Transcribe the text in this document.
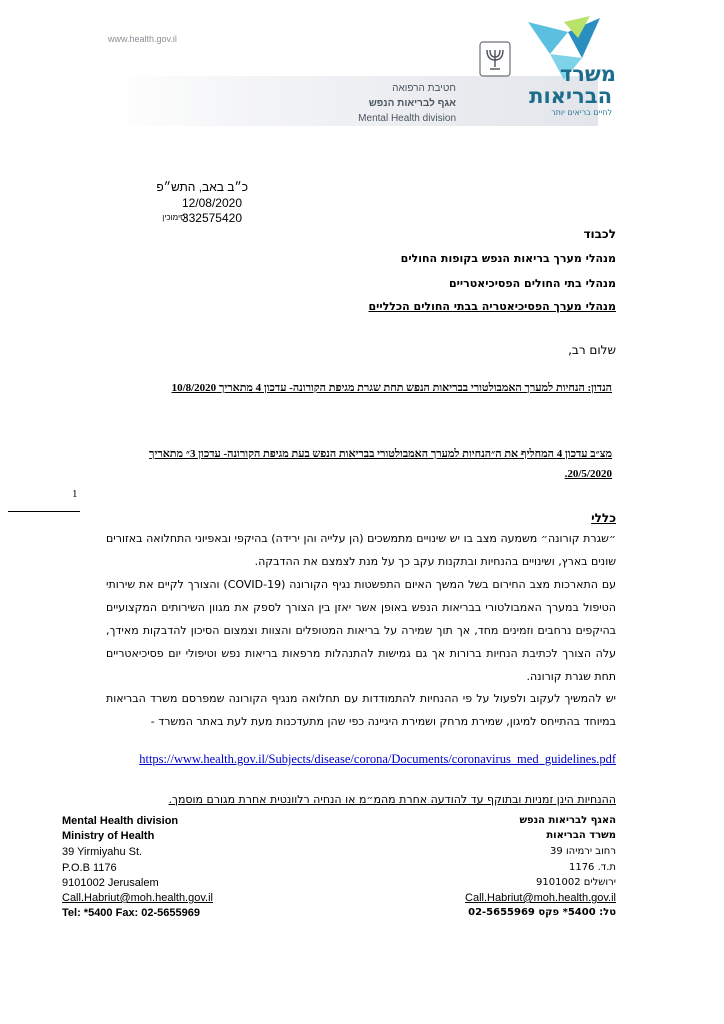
www.health.gov.il
חטיבת הרפואה
אגף לבריאות הנפש
Mental Health division
משרד
הבריאות
לחיים בריאים יותר
כ״ב באב, התש״פ
12/08/2020
-סימוכין
332575420
לכבוד
מנהלי מערך בריאות הנפש בקופות החולים
מנהלי בתי החולים הפסיכיאטריים
מנהלי מערך הפסיכיאטריה בבתי החולים הכלליים
שלום רב,
הנדון: הנחיות למערך האמבולטורי בבריאות הנפש תחת שגרת מגיפת הקורונה- עדכון 4 מתאריך 10/8/2020
מצ״ב עדכון 4 המחליף את ה״הנחיות למערך האמבולטורי בבריאות הנפש בעת מגיפת הקורונה- עדכון 3״ מתאריך 20/5/2020.
1
כללי
״שגרת קורונה״ משמעה מצב בו יש שינויים מתמשכים (הן עלייה והן ירידה) בהיקפי ובאפיוני התחלואה באזורים שונים בארץ, ושינויים בהנחיות ובתקנות עקב כך על מנת לצמצם את ההדבקה.
עם התארכות מצב החירום בשל המשך האיום התפשטות נגיף הקורונה (COVID-19) והצורך לקיים את שירותי הטיפול במערך האמבולטורי בבריאות הנפש באופן אשר יאזן בין הצורך לספק את מגוון השירותים המקצועיים בהיקפים נרחבים וזמינים מחד, אך תוך שמירה על בריאות המטופלים והצוות וצמצום הסיכון להדבקות מאידך, עלה הצורך לכתיבת הנחיות ברורות אך גם גמישות להתנהלות מרפאות בריאות נפש וטיפולי יום פסיכיאטריים תחת שגרת קורונה.
יש להמשיך לעקוב ולפעול על פי ההנחיות להתמודדות עם תחלואה מנגיף הקורונה שמפרסם משרד הבריאות במיוחד בהתייחס למיגון, שמירת מרחק ושמירת היגיינה כפי שהן מתעדכנות מעת לעת באתר המשרד -
https://www.health.gov.il/Subjects/disease/corona/Documents/coronavirus_med_guidelines.pdf
ההנחיות הינן זמניות ובתוקף עד להודעה אחרת מהמ״מ או הנחיה רלוונטית אחרת מגורם מוסמך.
Mental Health division
Ministry of Health
39 Yirmiyahu St.
P.O.B 1176
9101002 Jerusalem
Call.Habriut@moh.health.gov.il
Tel: *5400 Fax: 02-5655969
האגף לבריאות הנפש
משרד הבריאות
רחוב ירמיהו 39
ת.ד. 1176
ירושלים 9101002
Call.Habriut@moh.health.gov.il
טל: 5400* פקס 02-5655969
